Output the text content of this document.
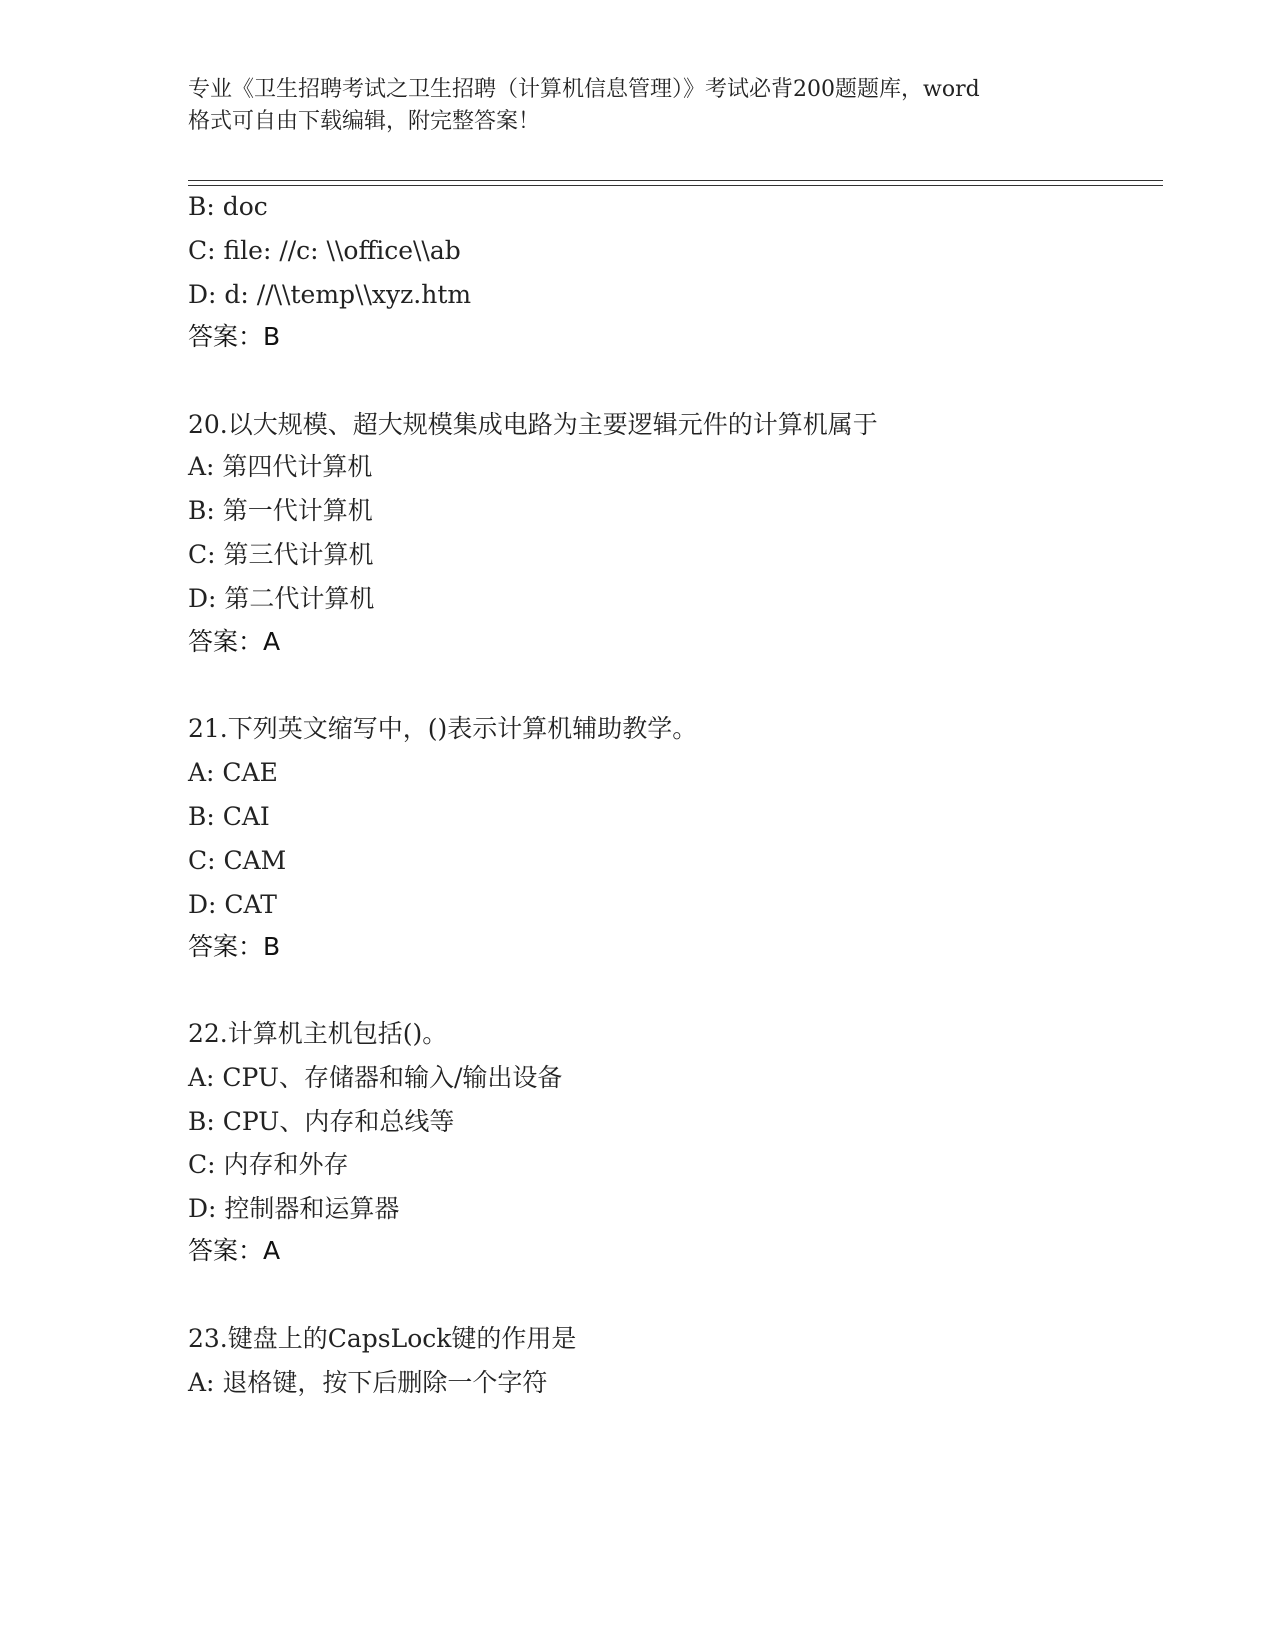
专业《卫生招聘考试之卫生招聘（计算机信息管理）》考试必背200题题库，word
格式可自由下载编辑，附完整答案！
B: doc
C: file: //c: \\office\\ab
D: d: //\\temp\\xyz.htm
答案：B
20.以大规模、超大规模集成电路为主要逻辑元件的计算机属于
A: 第四代计算机
B: 第一代计算机
C: 第三代计算机
D: 第二代计算机
答案：A
21.下列英文缩写中，()表示计算机辅助教学。
A: CAE
B: CAI
C: CAM
D: CAT
答案：B
22.计算机主机包括()。
A: CPU、存储器和输入/输出设备
B: CPU、内存和总线等
C: 内存和外存
D: 控制器和运算器
答案：A
23.键盘上的CapsLock键的作用是
A: 退格键，按下后删除一个字符
